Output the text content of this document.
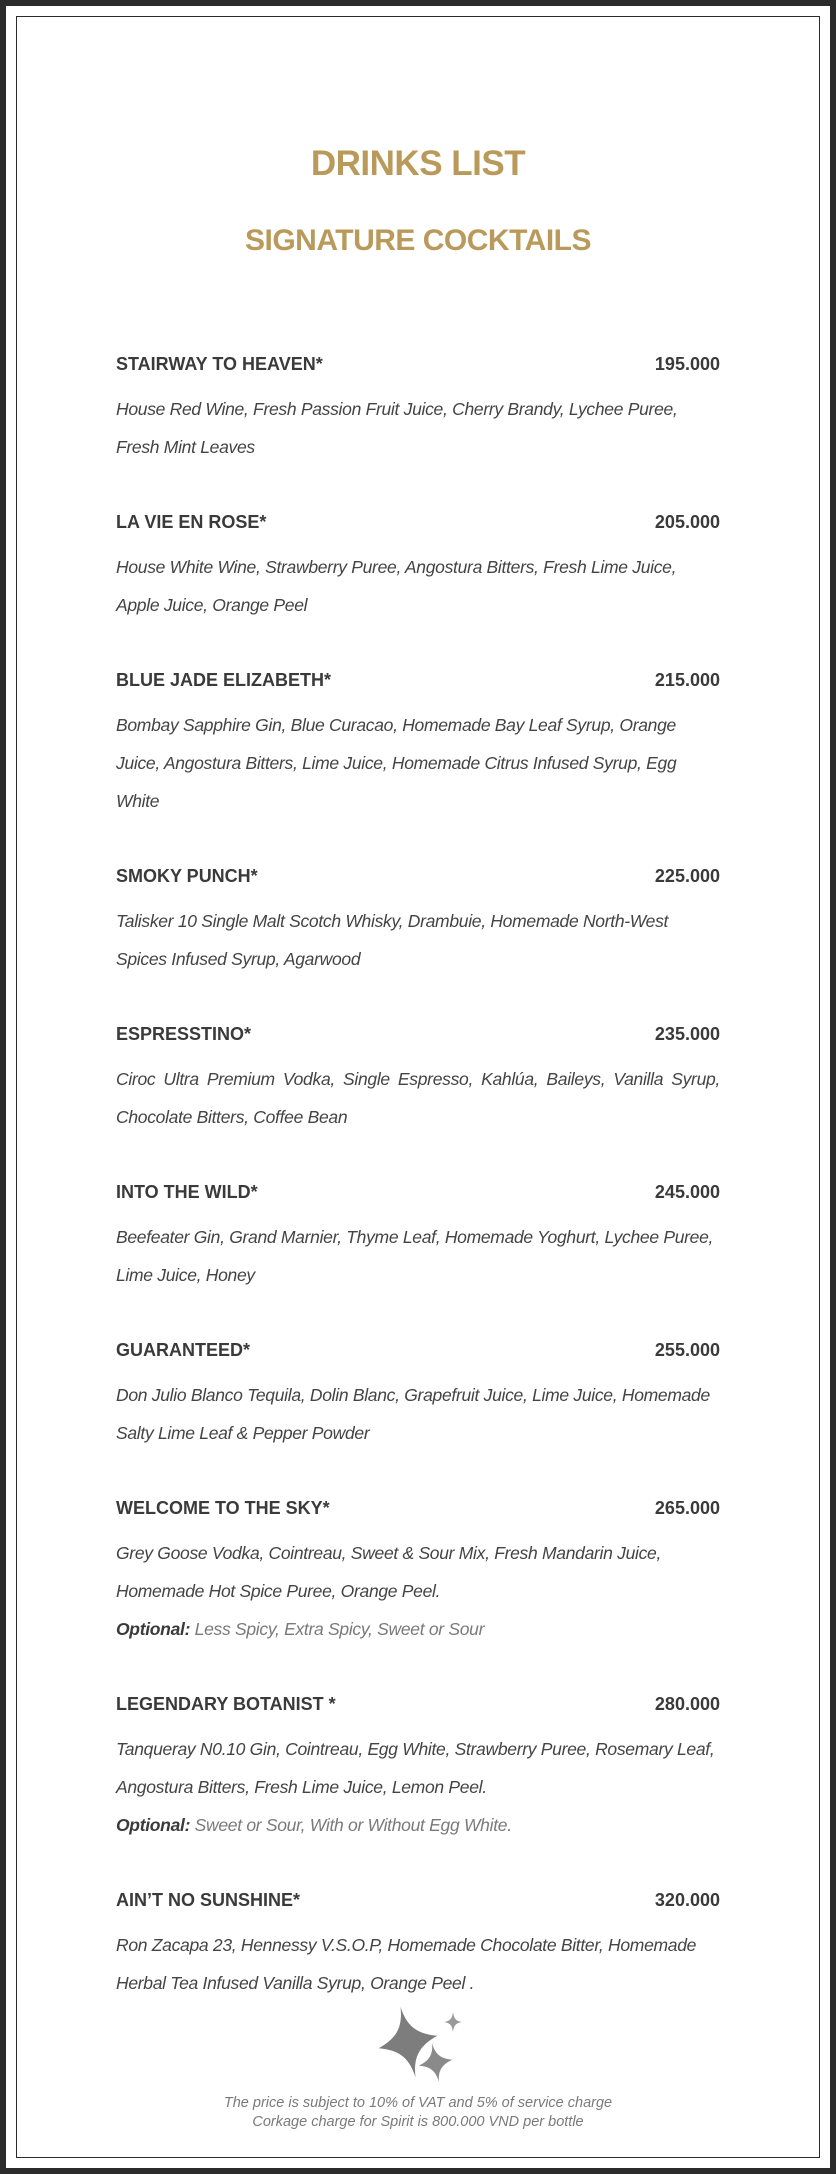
DRINKS LIST
SIGNATURE COCKTAILS
STAIRWAY TO HEAVEN*	195.000
House Red Wine, Fresh Passion Fruit Juice, Cherry Brandy, Lychee Puree, Fresh Mint Leaves
LA VIE EN ROSE*	205.000
House White Wine, Strawberry Puree, Angostura Bitters, Fresh Lime Juice, Apple Juice, Orange Peel
BLUE JADE ELIZABETH*	215.000
Bombay Sapphire Gin, Blue Curacao, Homemade Bay Leaf Syrup, Orange Juice, Angostura Bitters, Lime Juice, Homemade Citrus Infused Syrup, Egg White
SMOKY PUNCH*	225.000
Talisker 10 Single Malt Scotch Whisky, Drambuie, Homemade North-West Spices Infused Syrup, Agarwood
ESPRESSTINO*	235.000
Ciroc Ultra Premium Vodka, Single Espresso, Kahlúa, Baileys, Vanilla Syrup, Chocolate Bitters, Coffee Bean
INTO THE WILD*	245.000
Beefeater Gin, Grand Marnier, Thyme Leaf, Homemade Yoghurt, Lychee Puree, Lime Juice, Honey
GUARANTEED*	255.000
Don Julio Blanco Tequila, Dolin Blanc, Grapefruit Juice, Lime Juice, Homemade Salty Lime Leaf & Pepper Powder
WELCOME TO THE SKY*	265.000
Grey Goose Vodka, Cointreau, Sweet & Sour Mix, Fresh Mandarin Juice, Homemade Hot Spice Puree, Orange Peel.
Optional: Less Spicy, Extra Spicy, Sweet or Sour
LEGENDARY BOTANIST *	280.000
Tanqueray N0.10 Gin, Cointreau, Egg White, Strawberry Puree, Rosemary Leaf, Angostura Bitters, Fresh Lime Juice, Lemon Peel.
Optional: Sweet or Sour, With or Without Egg White.
AIN’T NO SUNSHINE*	320.000
Ron Zacapa 23, Hennessy V.S.O.P, Homemade Chocolate Bitter, Homemade Herbal Tea Infused Vanilla Syrup, Orange Peel .
The price is subject to 10% of VAT and 5% of service charge
Corkage charge for Spirit is 800.000 VND per bottle
